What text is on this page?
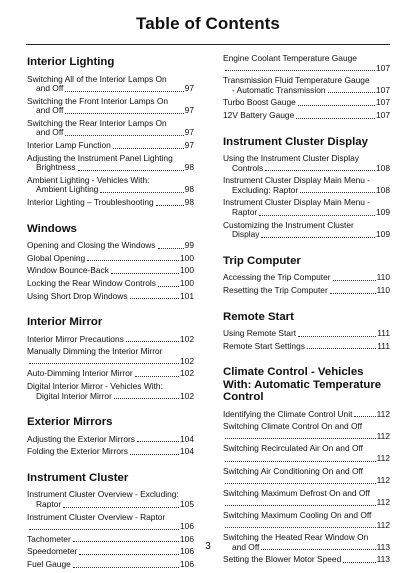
Table of Contents
Interior Lighting
Switching All of the Interior Lamps On
and Off	97
Switching the Front Interior Lamps On
and Off	97
Switching the Rear Interior Lamps On
and Off	97
Interior Lamp Function	97
Adjusting the Instrument Panel Lighting
Brightness	98
Ambient Lighting - Vehicles With:
Ambient Lighting	98
Interior Lighting – Troubleshooting	98
Windows
Opening and Closing the Windows	99
Global Opening	100
Window Bounce-Back	100
Locking the Rear Window Controls	100
Using Short Drop Windows	101
Interior Mirror
Interior Mirror Precautions	102
Manually Dimming the Interior Mirror
102
Auto-Dimming Interior Mirror	102
Digital Interior Mirror - Vehicles With:
Digital Interior Mirror	102
Exterior Mirrors
Adjusting the Exterior Mirrors	104
Folding the Exterior Mirrors	104
Instrument Cluster
Instrument Cluster Overview - Excluding:
Raptor	105
Instrument Cluster Overview - Raptor
106
Tachometer	106
Speedometer	106
Fuel Gauge	106
Engine Coolant Temperature Gauge
107
Transmission Fluid Temperature Gauge
- Automatic Transmission	107
Turbo Boost Gauge	107
12V Battery Gauge	107
Instrument Cluster Display
Using the Instrument Cluster Display
Controls	108
Instrument Cluster Display Main Menu -
Excluding: Raptor	108
Instrument Cluster Display Main Menu -
Raptor	109
Customizing the Instrument Cluster
Display	109
Trip Computer
Accessing the Trip Computer	110
Resetting the Trip Computer	110
Remote Start
Using Remote Start	111
Remote Start Settings	111
Climate Control - Vehicles With: Automatic Temperature Control
Identifying the Climate Control Unit	112
Switching Climate Control On and Off
112
Switching Recirculated Air On and Off
112
Switching Air Conditioning On and Off
112
Switching Maximum Defrost On and Off
112
Switching Maximum Cooling On and Off
112
Switching the Heated Rear Window On
and Off	113
Setting the Blower Motor Speed	113
3
